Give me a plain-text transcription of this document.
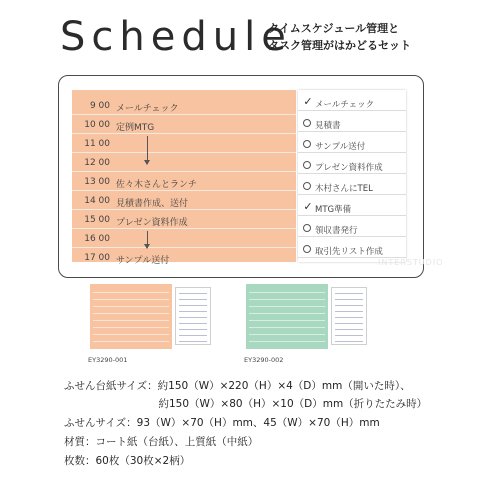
Schedule
タイムスケジュール管理と
タスク管理がはかどるセット
9 00 メールチェック
10 00 定例MTG
11 00
12 00
13 00 佐々木さんとランチ
14 00 見積書作成、送付
15 00 プレゼン資料作成
16 00
17 00 サンプル送付
✓ メールチェック
見積書
サンプル送付
プレゼン資料作成
木村さんにTEL
✓ MTG準備
領収書発行
取引先リスト作成
INTERSTUDIO
EY3290-001	EY3290-002
ふせん台紙サイズ：約150（W）×220（H）×4（D）mm（開いた時）、
　　　　　　　　　約150（W）×80（H）×10（D）mm（折りたたみ時）
ふせんサイズ：93（W）×70（H）mm、45（W）×70（H）mm
材質：コート紙（台紙）、上質紙（中紙）
枚数：60枚（30枚×2柄）
